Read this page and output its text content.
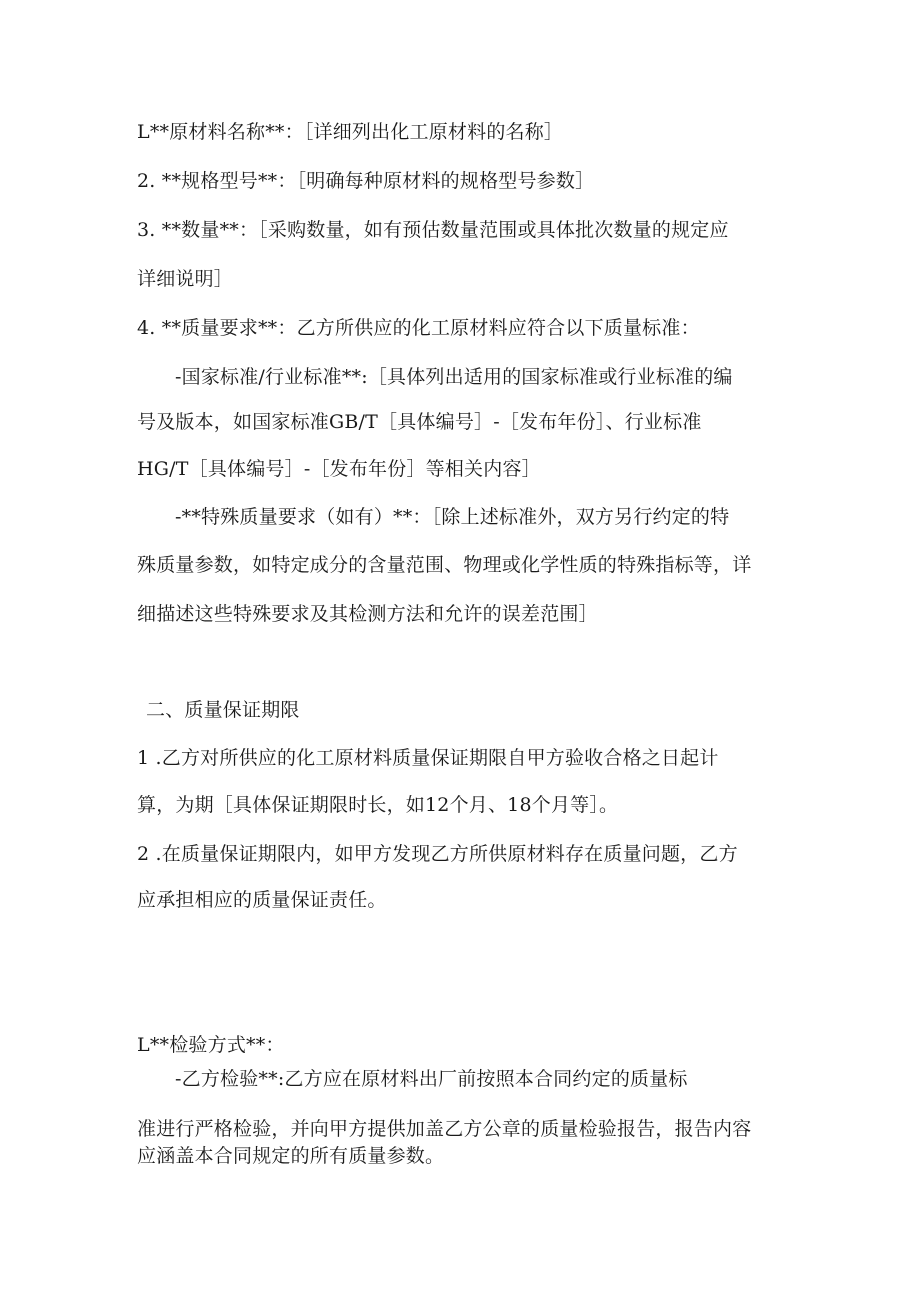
L**原材料名称**：［详细列出化工原材料的名称］
2. **规格型号**：［明确每种原材料的规格型号参数］
3. **数量**：［采购数量，如有预估数量范围或具体批次数量的规定应
详细说明］
4. **质量要求**：乙方所供应的化工原材料应符合以下质量标准：
-国家标准/行业标准**:［具体列出适用的国家标准或行业标准的编
号及版本，如国家标准GB/T［具体编号］-［发布年份］、行业标准
HG/T［具体编号］-［发布年份］等相关内容］
-**特殊质量要求（如有）**：［除上述标准外，双方另行约定的特
殊质量参数，如特定成分的含量范围、物理或化学性质的特殊指标等，详
细描述这些特殊要求及其检测方法和允许的误差范围］
二、质量保证期限
1 .乙方对所供应的化工原材料质量保证期限自甲方验收合格之日起计
算，为期［具体保证期限时长，如12个月、18个月等］。
2 .在质量保证期限内，如甲方发现乙方所供原材料存在质量问题，乙方
应承担相应的质量保证责任。
L**检验方式**：
-乙方检验**:乙方应在原材料出厂前按照本合同约定的质量标
准进行严格检验，并向甲方提供加盖乙方公章的质量检验报告，报告内容
应涵盖本合同规定的所有质量参数。
